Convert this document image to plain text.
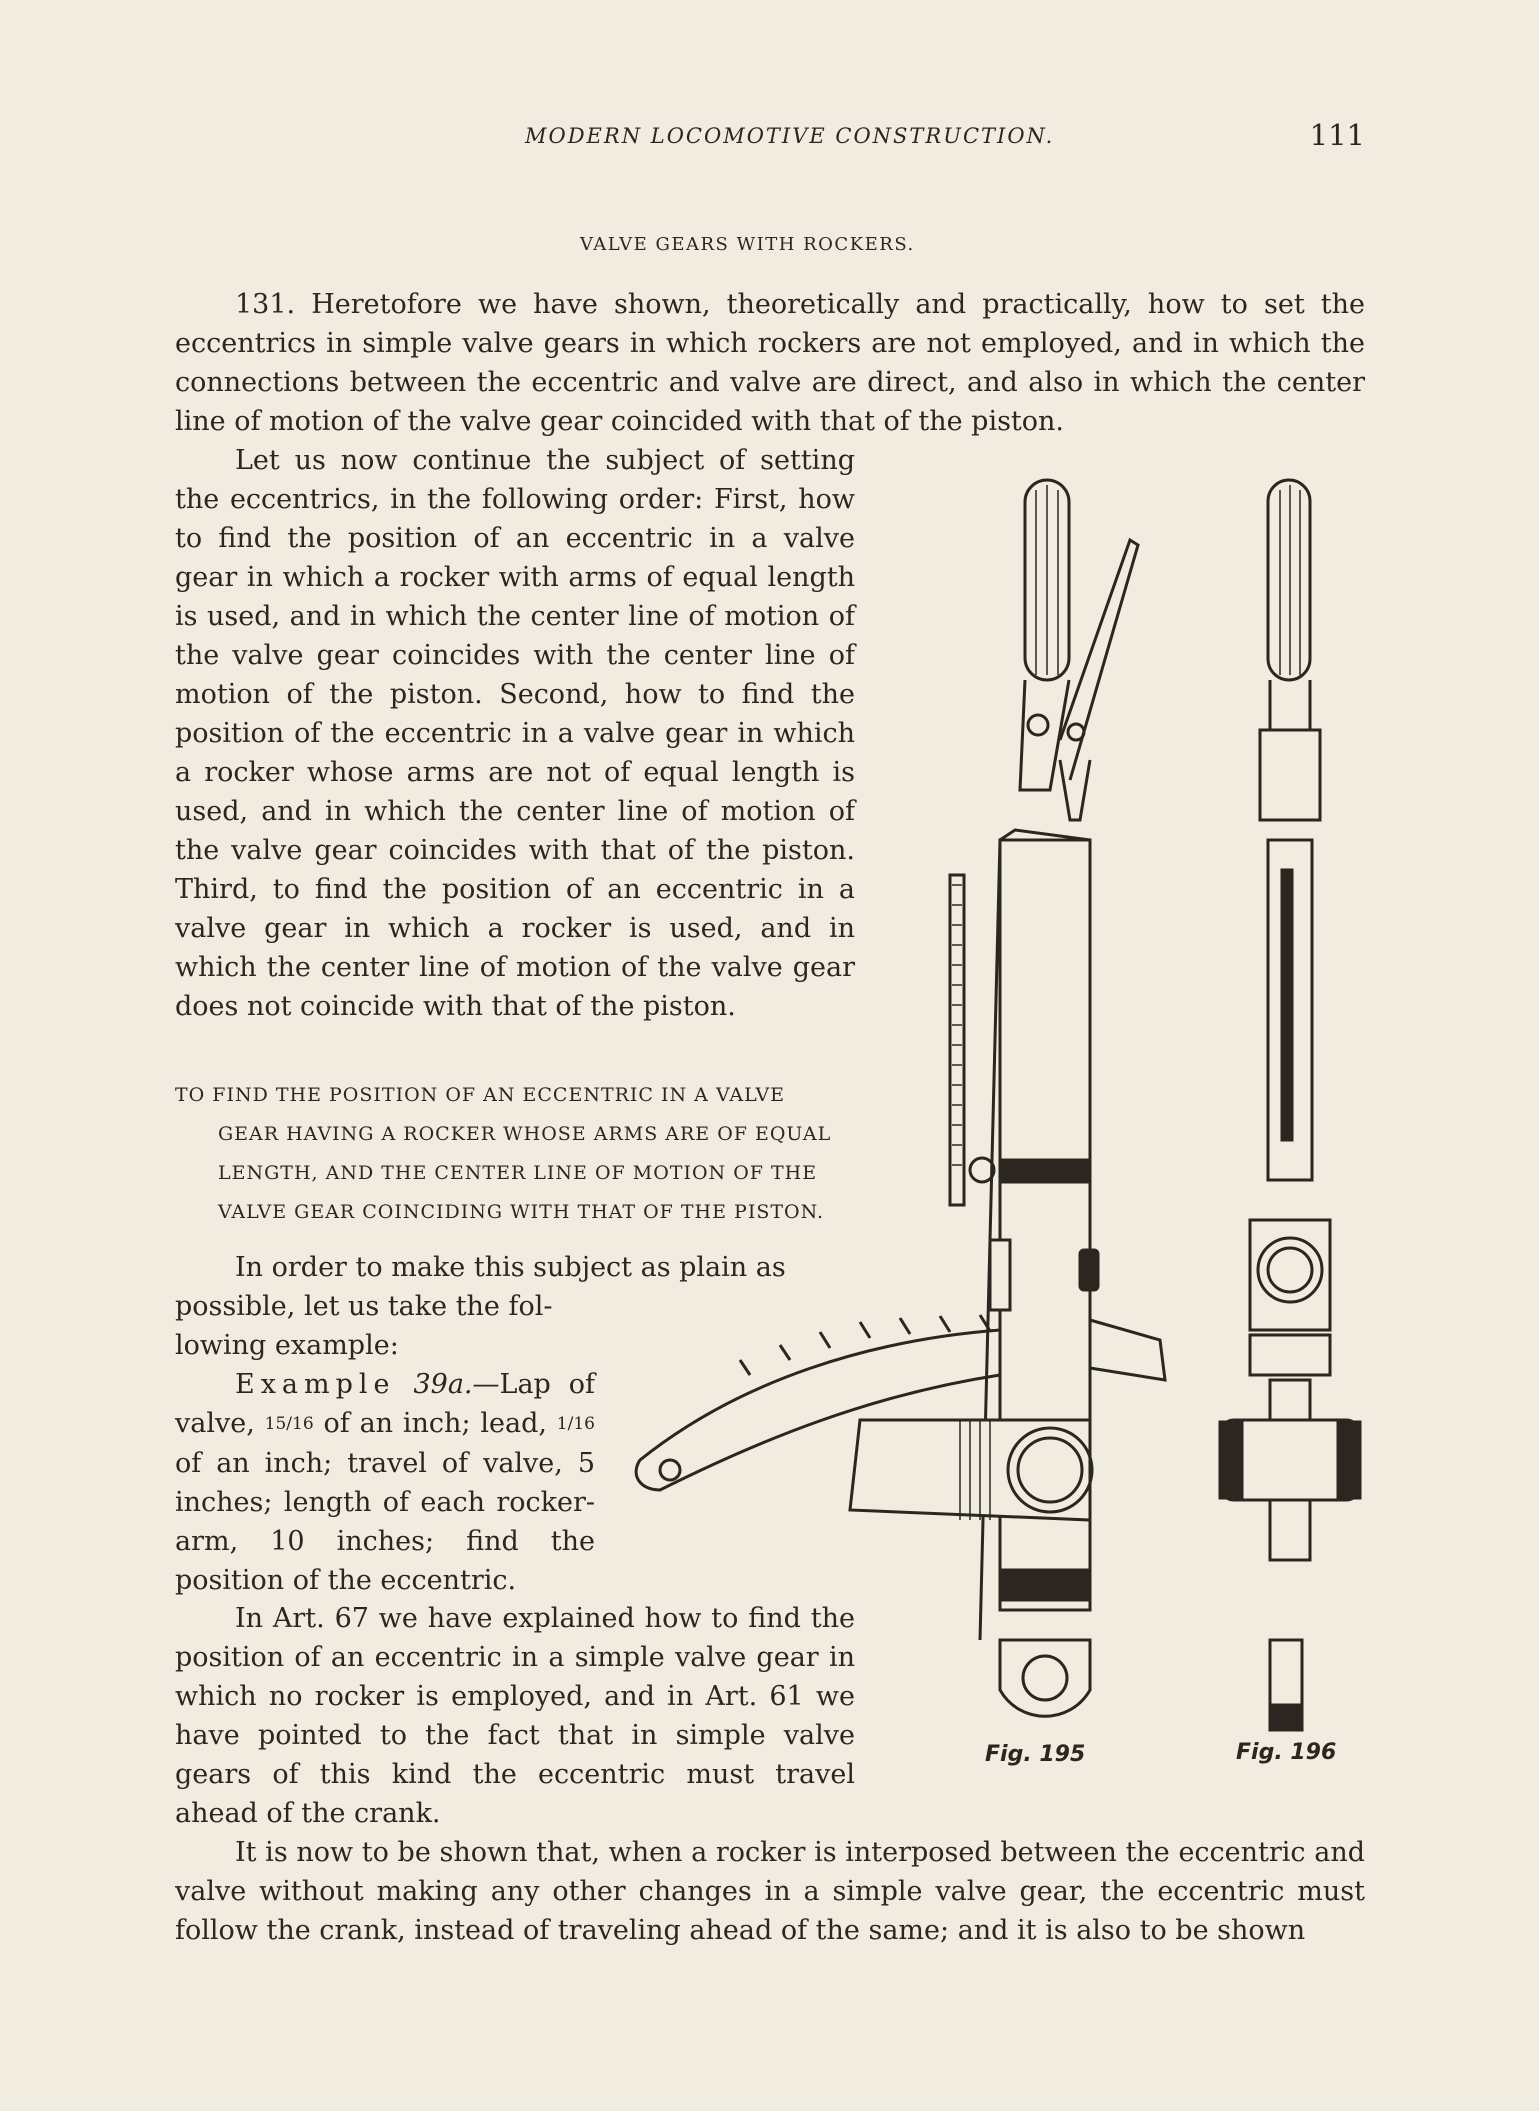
MODERN LOCOMOTIVE CONSTRUCTION.	111
VALVE GEARS WITH ROCKERS.

131. Heretofore we have shown, theoretically and practically, how to set the eccentrics in simple valve gears in which rockers are not employed, and in which the connections between the eccentric and valve are direct, and also in which the center line of motion of the valve gear coincided with that of the piston.

Let us now continue the subject of setting the eccentrics, in the following order: First, how to find the position of an eccentric in a valve gear in which a rocker with arms of equal length is used, and in which the center line of motion of the valve gear coincides with the center line of motion of the piston. Second, how to find the position of the eccentric in a valve gear in which a rocker whose arms are not of equal length is used, and in which the center line of motion of the valve gear coincides with that of the piston. Third, to find the position of an eccentric in a valve gear in which a rocker is used, and in which the center line of motion of the valve gear does not coincide with that of the piston.

TO FIND THE POSITION OF AN ECCENTRIC IN A VALVE
GEAR HAVING A ROCKER WHOSE ARMS ARE OF EQUAL
LENGTH, AND THE CENTER LINE OF MOTION OF THE
VALVE GEAR COINCIDING WITH THAT OF THE PISTON.

In order to make this subject as plain as

possible, let us take the fol-

lowing example:

Example 39a.—Lap of valve, 15/16 of an inch; lead, 1/16 of an inch; travel of valve, 5 inches; length of each rocker-arm, 10 inches; find the position of the eccentric.

In Art. 67 we have explained how to find the position of an eccentric in a simple valve gear in which no rocker is employed, and in Art. 61 we have pointed to the fact that in simple valve gears of this kind the eccentric must travel ahead of the crank.

It is now to be shown that, when a rocker is interposed between the eccentric and valve without making any other changes in a simple valve gear, the eccentric must follow the crank, instead of traveling ahead of the same; and it is also to be shown

Fig. 195	Fig. 196
